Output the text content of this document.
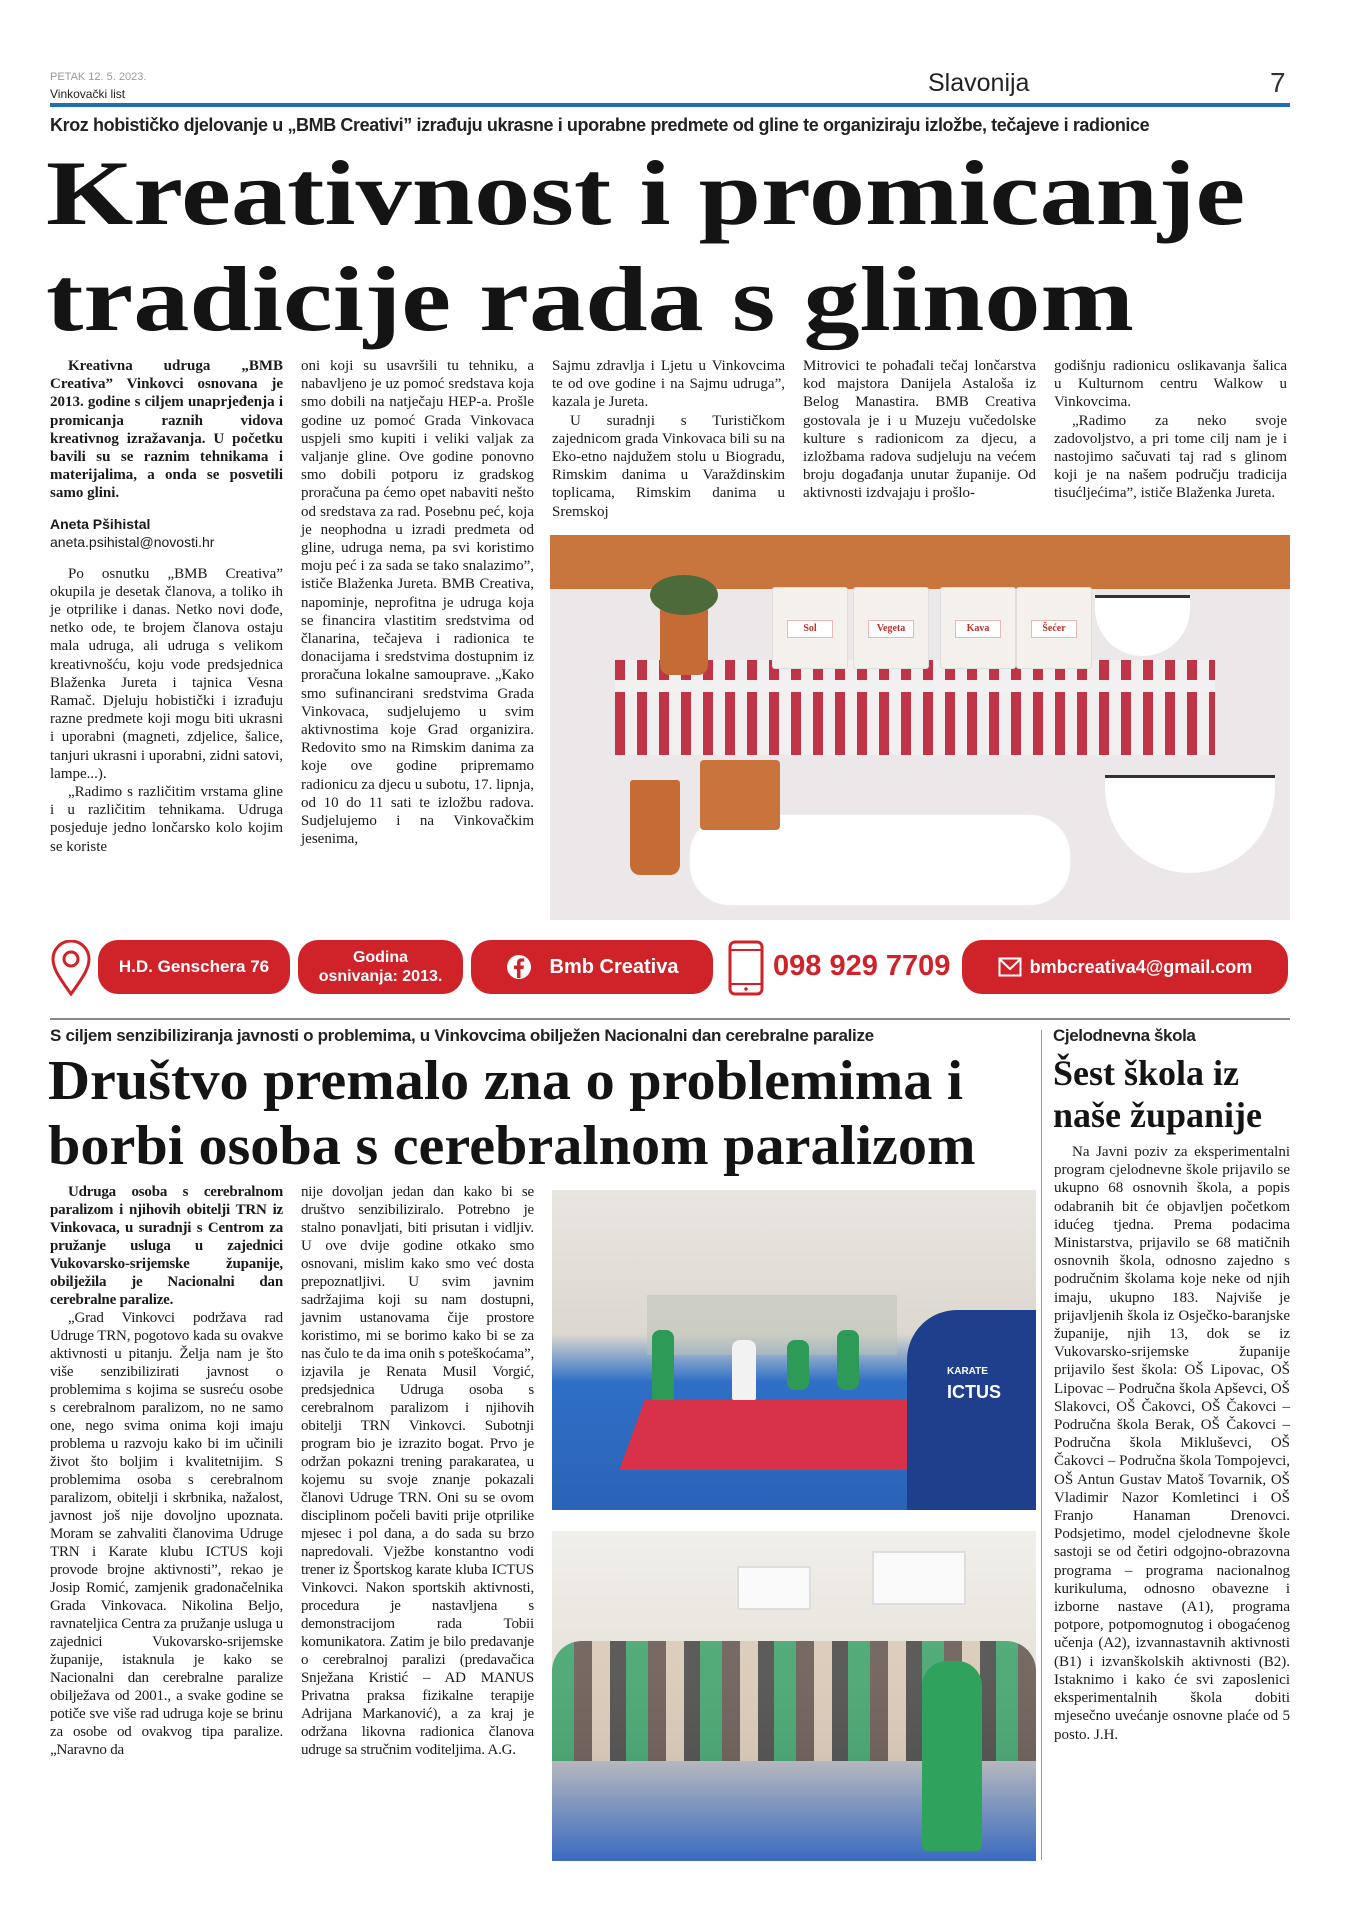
PETAK 12. 5. 2023.
Vinkovački list	Slavonija	7
Kroz hobističko djelovanje u „BMB Creativi” izrađuju ukrasne i uporabne predmete od gline te organiziraju izložbe, tečajeve i radionice
Kreativnost i promicanje
tradicije rada s glinom

Kreativna udruga „BMB Creativa” Vinkovci osnovana je 2013. godine s ciljem unaprjeđenja i promicanja raznih vidova kreativnog izražavanja. U početku bavili su se raznim tehnikama i materijalima, a onda se posvetili samo glini.

Aneta Pšihistal
aneta.psihistal@novosti.hr

Po osnutku „BMB Creativa” okupila je desetak članova, a toliko ih je otprilike i danas. Netko novi dođe, netko ode, te brojem članova ostaju mala udruga, ali udruga s velikom kreativnošću, koju vode predsjednica Blaženka Jureta i tajnica Vesna Ramač. Djeluju hobistički i izrađuju razne predmete koji mogu biti ukrasni i uporabni (magneti, zdjelice, šalice, tanjuri ukrasni i uporabni, zidni satovi, lampe...).

„Radimo s različitim vrstama gline i u različitim tehnikama. Udruga posjeduje jedno lončarsko kolo kojim se koriste

oni koji su usavršili tu tehniku, a nabavljeno je uz pomoć sredstava koja smo dobili na natječaju HEP-a. Prošle godine uz pomoć Grada Vinkovaca uspjeli smo kupiti i veliki valjak za valjanje gline. Ove godine ponovno smo dobili potporu iz gradskog proračuna pa ćemo opet nabaviti nešto od sredstava za rad. Posebnu peć, koja je neophodna u izradi predmeta od gline, udruga nema, pa svi koristimo moju peć i za sada se tako snalazimo”, ističe Blaženka Jureta. BMB Creativa, napominje, neprofitna je udruga koja se financira vlastitim sredstvima od članarina, tečajeva i radionica te donacijama i sredstvima dostupnim iz proračuna lokalne samouprave. „Kako smo sufinancirani sredstvima Grada Vinkovaca, sudjelujemo u svim aktivnostima koje Grad organizira. Redovito smo na Rimskim danima za koje ove godine pripremamo radionicu za djecu u subotu, 17. lipnja, od 10 do 11 sati te izložbu radova. Sudjelujemo i na Vinkovačkim jesenima,

Sajmu zdravlja i Ljetu u Vinkovcima te od ove godine i na Sajmu udruga”, kazala je Jureta.

U suradnji s Turističkom zajednicom grada Vinkovaca bili su na Eko-etno najdužem stolu u Biogradu, Rimskim danima u Varaždinskim toplicama, Rimskim danima u Sremskoj

Mitrovici te pohađali tečaj lončarstva kod majstora Danijela Astaloša iz Belog Manastira. BMB Creativa gostovala je i u Muzeju vučedolske kulture s radionicom za djecu, a izložbama radova sudjeluju na većem broju događanja unutar županije. Od aktivnosti izdvajaju i prošlo-

godišnju radionicu oslikavanja šalica u Kulturnom centru Walkow u Vinkovcima.

„Radimo za neko svoje zadovoljstvo, a pri tome cilj nam je i nastojimo sačuvati taj rad s glinom koji je na našem području tradicija tisućljećima”, ističe Blaženka Jureta.

Sol	Vegeta	Kava	Šećer
H.D. Genschera 76	Godina
osnivanja: 2013.	Bmb Creativa	098 929 7709	bmbcreativa4@gmail.com
S ciljem senzibiliziranja javnosti o problemima, u Vinkovcima obilježen Nacionalni dan cerebralne paralize
Društvo premalo zna o problemima i
borbi osoba s cerebralnom paralizom

Udruga osoba s cerebralnom paralizom i njihovih obitelji TRN iz Vinkovaca, u suradnji s Centrom za pružanje usluga u zajednici Vukovarsko-srijemske županije, obilježila je Nacionalni dan cerebralne paralize.

„Grad Vinkovci podržava rad Udruge TRN, pogotovo kada su ovakve aktivnosti u pitanju. Želja nam je što više senzibilizirati javnost o problemima s kojima se susreću osobe s cerebralnom paralizom, no ne samo one, nego svima onima koji imaju problema u razvoju kako bi im učinili život što boljim i kvalitetnijim. S problemima osoba s cerebralnom paralizom, obitelji i skrbnika, nažalost, javnost još nije dovoljno upoznata. Moram se zahvaliti članovima Udruge TRN i Karate klubu ICTUS koji provode brojne aktivnosti”, rekao je Josip Romić, zamjenik gradonačelnika Grada Vinkovaca. Nikolina Beljo, ravnateljica Centra za pružanje usluga u zajednici Vukovarsko-srijemske županije, istaknula je kako se Nacionalni dan cerebralne paralize obilježava od 2001., a svake godine se potiče sve više rad udruga koje se brinu za osobe od ovakvog tipa paralize. „Naravno da

nije dovoljan jedan dan kako bi se društvo senzibiliziralo. Potrebno je stalno ponavljati, biti prisutan i vidljiv. U ove dvije godine otkako smo osnovani, mislim kako smo već dosta prepoznatljivi. U svim javnim sadržajima koji su nam dostupni, javnim ustanovama čije prostore koristimo, mi se borimo kako bi se za nas čulo te da ima onih s poteškoćama”, izjavila je Renata Musil Vorgić, predsjednica Udruga osoba s cerebralnom paralizom i njihovih obitelji TRN Vinkovci. Subotnji program bio je izrazito bogat. Prvo je održan pokazni trening parakaratea, u kojemu su svoje znanje pokazali članovi Udruge TRN. Oni su se ovom disciplinom počeli baviti prije otprilike mjesec i pol dana, a do sada su brzo napredovali. Vježbe konstantno vodi trener iz Športskog karate kluba ICTUS Vinkovci. Nakon sportskih aktivnosti, procedura je nastavljena s demonstracijom rada Tobii komunikatora. Zatim je bilo predavanje o cerebralnoj paralizi (predavačica Snježana Kristić – AD MANUS Privatna praksa fizikalne terapije Adrijana Markanović), a za kraj je održana likovna radionica članova udruge sa stručnim voditeljima. A.G.

KARATE
ICTUS
Cjelodnevna škola
Šest škola iz
naše županije

Na Javni poziv za eksperimentalni program cjelodnevne škole prijavilo se ukupno 68 osnovnih škola, a popis odabranih bit će objavljen početkom idućeg tjedna. Prema podacima Ministarstva, prijavilo se 68 matičnih osnovnih škola, odnosno zajedno s područnim školama koje neke od njih imaju, ukupno 183. Najviše je prijavljenih škola iz Osječko-baranjske županije, njih 13, dok se iz Vukovarsko-srijemske županije prijavilo šest škola: OŠ Lipovac, OŠ Lipovac – Područna škola Apševci, OŠ Slakovci, OŠ Čakovci, OŠ Čakovci – Područna škola Berak, OŠ Čakovci – Područna škola Mikluševci, OŠ Čakovci – Područna škola Tompojevci, OŠ Antun Gustav Matoš Tovarnik, OŠ Vladimir Nazor Komletinci i OŠ Franjo Hanaman Drenovci. Podsjetimo, model cjelodnevne škole sastoji se od četiri odgojno-obrazovna programa – programa nacionalnog kurikuluma, odnosno obavezne i izborne nastave (A1), programa potpore, potpomognutog i obogaćenog učenja (A2), izvannastavnih aktivnosti (B1) i izvanškolskih aktivnosti (B2). Istaknimo i kako će svi zaposlenici eksperimentalnih škola dobiti mjesečno uvećanje osnovne plaće od 5 posto. J.H.
